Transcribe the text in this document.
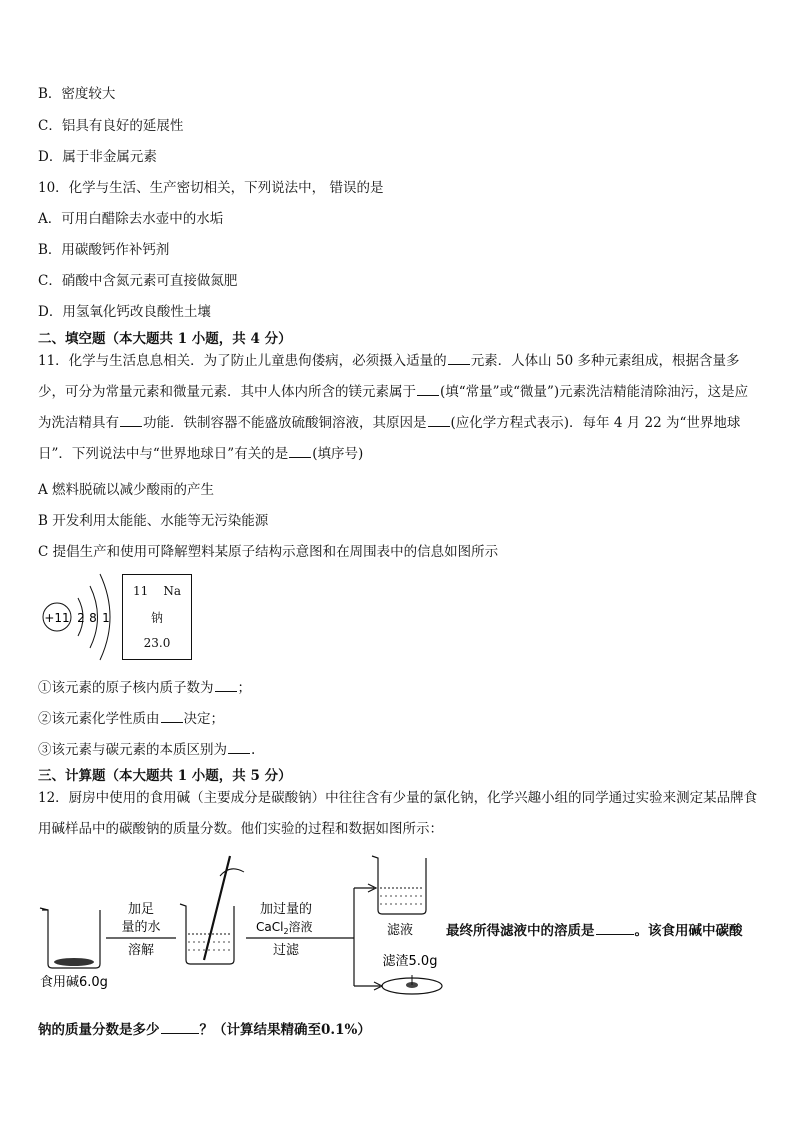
B．密度较大
C．铝具有良好的延展性
D．属于非金属元素
10．化学与生活、生产密切相关，下列说法中， 错误的是
A．可用白醋除去水壶中的水垢
B．用碳酸钙作补钙剂
C．硝酸中含氮元素可直接做氮肥
D．用氢氧化钙改良酸性土壤
二、填空题（本大题共 1 小题，共 4 分）
11．化学与生活息息相关．为了防止儿童患佝偻病，必须摄入适量的 元素．人体山 50 多种元素组成，根据含量多少，可分为常量元素和微量元素．其中人体内所含的镁元素属于 (填“常量”或“微量”)元素洗洁精能清除油污，这是应为洗洁精具有 功能．铁制容器不能盛放硫酸铜溶液，其原因是 (应化学方程式表示)．每年 4 月 22 为“世界地球日”．下列说法中与“世界地球日”有关的是 (填序号)
A 燃料脱硫以减少酸雨的产生
B 开发利用太能能、水能等无污染能源
C 提倡生产和使用可降解塑料某原子结构示意图和在周围表中的信息如图所示
+11 2 8 1
11 Na
钠
23.0
①该元素的原子核内质子数为 ；
②该元素化学性质由 决定；
③该元素与碳元素的本质区别为 .
三、计算题（本大题共 1 小题，共 5 分）
12．厨房中使用的食用碱（主要成分是碳酸钠）中往往含有少量的氯化钠，化学兴趣小组的同学通过实验来测定某品牌食用碱样品中的碳酸钠的质量分数。他们实验的过程和数据如图所示：
食用碱6.0g
加足
量的水
溶解
加过量的
CaCl$_2$溶液
过滤
滤液
滤渣5.0g
最终所得滤液中的溶质是	。该食用碱中碳酸
钠的质量分数是多少	？（计算结果精确至0.1%）
